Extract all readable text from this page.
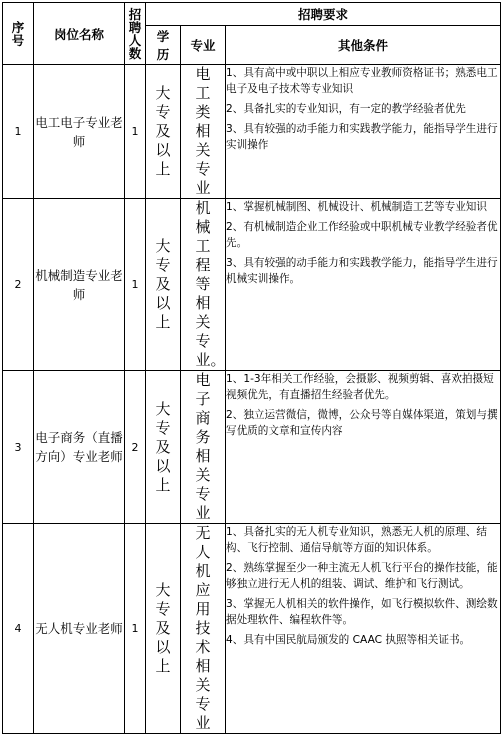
序号	岗位名称	招聘人数	招聘要求		
			学历	专业	其他条件
1	电工电子专业老师	1	大专及以上	电工类相关专业	1、具有高中或中职以上相应专业教师资格证书；熟悉电工电子及电子技术等专业知识

2、具备扎实的专业知识，有一定的教学经验者优先

3、具有较强的动手能力和实践教学能力，能指导学生进行实训操作

2	机械制造专业老师	1	大专及以上	机械工程等相关专业。	1、掌握机械制图、机械设计、机械制造工艺等专业知识

2、有机械制造企业工作经验或中职机械专业教学经验者优先。

3、具有较强的动手能力和实践教学能力，能指导学生进行机械实训操作。

3	电子商务（直播方向）专业老师	2	大专及以上	电子商务相关专业	1、1-3年相关工作经验，会摄影、视频剪辑、喜欢拍摄短视频优先，有直播招生经验者优先。

2、独立运营微信，微博，公众号等自媒体渠道，策划与撰写优质的文章和宣传内容

4	无人机专业老师	1	大专及以上	无人机应用技术相关专业	1、具备扎实的无人机专业知识，熟悉无人机的原理、结构、飞行控制、通信导航等方面的知识体系。

2、熟练掌握至少一种主流无人机飞行平台的操作技能，能够独立进行无人机的组装、调试、维护和飞行测试。

3、掌握无人机相关的软件操作，如飞行模拟软件、测绘数据处理软件、编程软件等。

4、具有中国民航局颁发的 CAAC 执照等相关证书。
